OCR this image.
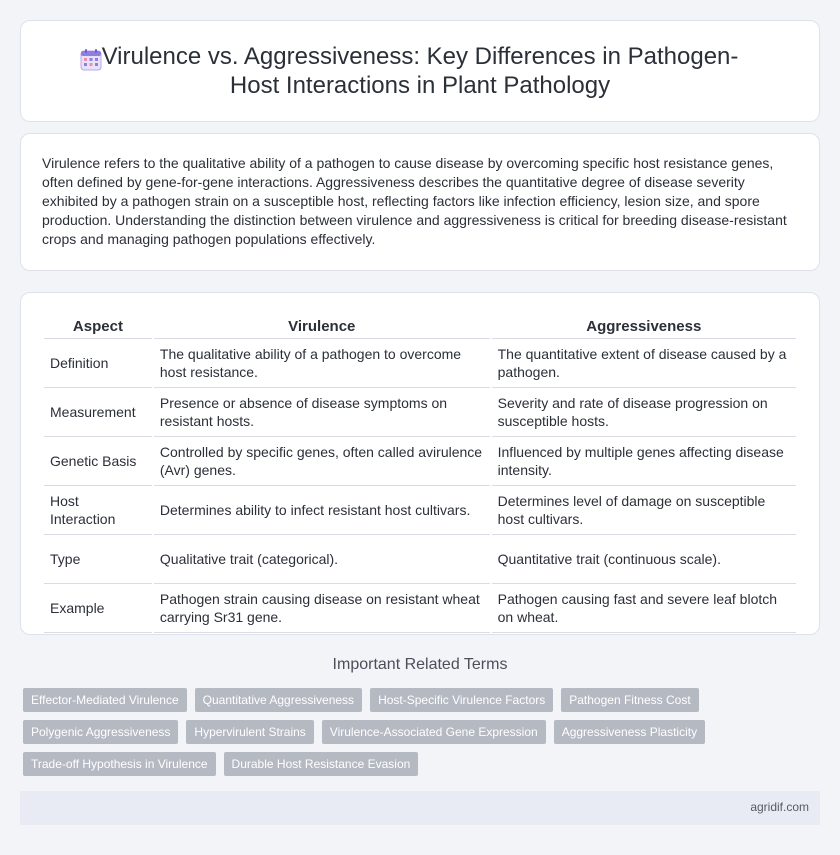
Virulence vs. Aggressiveness: Key Differences in Pathogen-Host Interactions in Plant Pathology

Virulence refers to the qualitative ability of a pathogen to cause disease by overcoming specific host resistance genes, often defined by gene-for-gene interactions. Aggressiveness describes the quantitative degree of disease severity exhibited by a pathogen strain on a susceptible host, reflecting factors like infection efficiency, lesion size, and spore production. Understanding the distinction between virulence and aggressiveness is critical for breeding disease-resistant crops and managing pathogen populations effectively.

Aspect	Virulence	Aggressiveness
Definition	The qualitative ability of a pathogen to overcome host resistance.	The quantitative extent of disease caused by a pathogen.
Measurement	Presence or absence of disease symptoms on resistant hosts.	Severity and rate of disease progression on susceptible hosts.
Genetic Basis	Controlled by specific genes, often called avirulence (Avr) genes.	Influenced by multiple genes affecting disease intensity.
Host Interaction	Determines ability to infect resistant host cultivars.	Determines level of damage on susceptible host cultivars.
Type	Qualitative trait (categorical).	Quantitative trait (continuous scale).
Example	Pathogen strain causing disease on resistant wheat carrying Sr31 gene.	Pathogen causing fast and severe leaf blotch on wheat.
Important Related Terms
Effector-Mediated Virulence	Quantitative Aggressiveness	Host-Specific Virulence Factors	Pathogen Fitness Cost
Polygenic Aggressiveness	Hypervirulent Strains	Virulence-Associated Gene Expression	Aggressiveness Plasticity
Trade-off Hypothesis in Virulence	Durable Host Resistance Evasion
agridif.com
